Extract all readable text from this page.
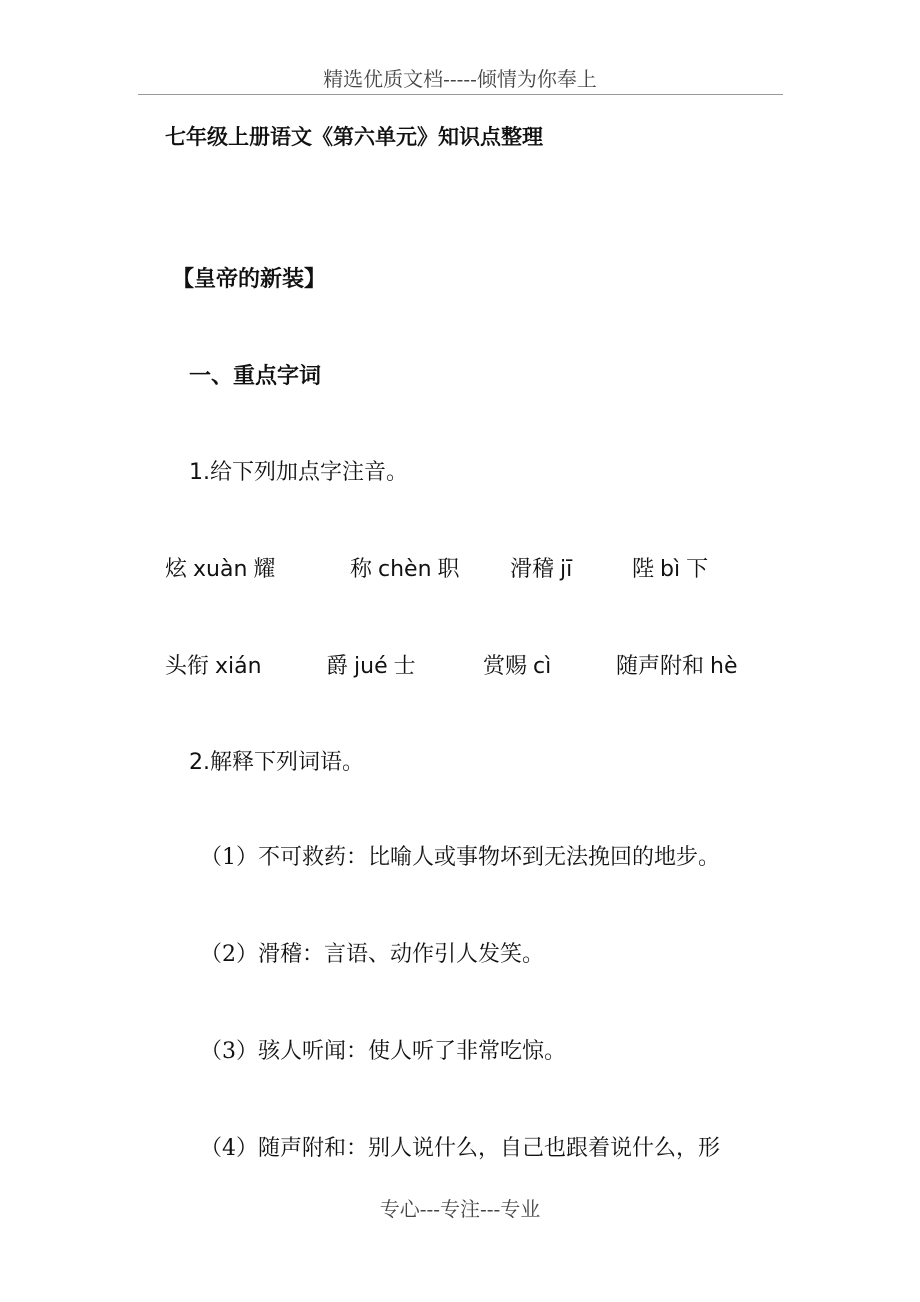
精选优质文档-----倾情为你奉上
七年级上册语文《第六单元》知识点整理
【皇帝的新装】
一、重点字词
1.给下列加点字注音。
炫 xuàn 耀	称 chèn 职 滑稽 jī	陛 bì 下
头衔 xián	爵 jué 士	赏赐 cì	随声附和 hè
2.解释下列词语。
（1）不可救药：比喻人或事物坏到无法挽回的地步。
（2）滑稽：言语、动作引人发笑。
（3）骇人听闻：使人听了非常吃惊。
（4）随声附和：别人说什么，自己也跟着说什么，形
专心---专注---专业
